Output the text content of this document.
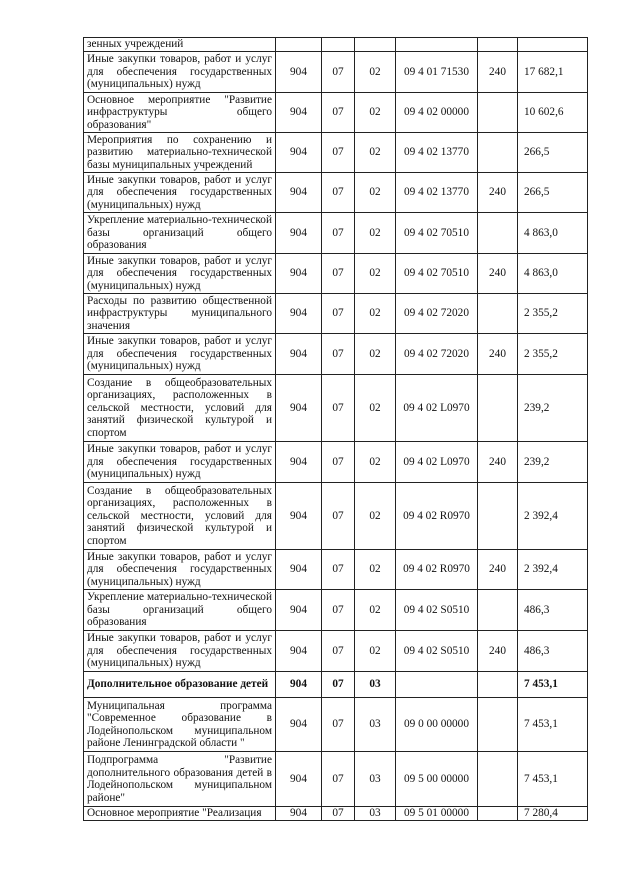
зенных учреждений						
Иные закупки товаров, работ и услуг для обеспечения государственных (муниципальных) нужд	904	07	02	09 4 01 71530	240	17 682,1
Основное мероприятие "Развитие инфраструктуры общего образования"	904	07	02	09 4 02 00000		10 602,6
Мероприятия по сохранению и развитию материально-технической базы муниципальных учреждений	904	07	02	09 4 02 13770		266,5
Иные закупки товаров, работ и услуг для обеспечения государственных (муниципальных) нужд	904	07	02	09 4 02 13770	240	266,5
Укрепление материально-технической базы организаций общего образования	904	07	02	09 4 02 70510		4 863,0
Иные закупки товаров, работ и услуг для обеспечения государственных (муниципальных) нужд	904	07	02	09 4 02 70510	240	4 863,0
Расходы по развитию общественной инфраструктуры муниципального значения	904	07	02	09 4 02 72020		2 355,2
Иные закупки товаров, работ и услуг для обеспечения государственных (муниципальных) нужд	904	07	02	09 4 02 72020	240	2 355,2
Создание в общеобразовательных организациях, расположенных в сельской местности, условий для занятий физической культурой и спортом	904	07	02	09 4 02 L0970		239,2
Иные закупки товаров, работ и услуг для обеспечения государственных (муниципальных) нужд	904	07	02	09 4 02 L0970	240	239,2
Создание в общеобразовательных организациях, расположенных в сельской местности, условий для занятий физической культурой и спортом	904	07	02	09 4 02 R0970		2 392,4
Иные закупки товаров, работ и услуг для обеспечения государственных (муниципальных) нужд	904	07	02	09 4 02 R0970	240	2 392,4
Укрепление материально-технической базы организаций общего образования	904	07	02	09 4 02 S0510		486,3
Иные закупки товаров, работ и услуг для обеспечения государственных (муниципальных) нужд	904	07	02	09 4 02 S0510	240	486,3
Дополнительное образование детей	904	07	03			7 453,1
Муниципальная программа "Современное образование в Лодейнопольском муниципальном районе Ленинградской области "	904	07	03	09 0 00 00000		7 453,1
Подпрограмма "Развитие дополнительного образования детей в Лодейнопольском муниципальном районе"	904	07	03	09 5 00 00000		7 453,1
Основное мероприятие "Реализация	904	07	03	09 5 01 00000		7 280,4
